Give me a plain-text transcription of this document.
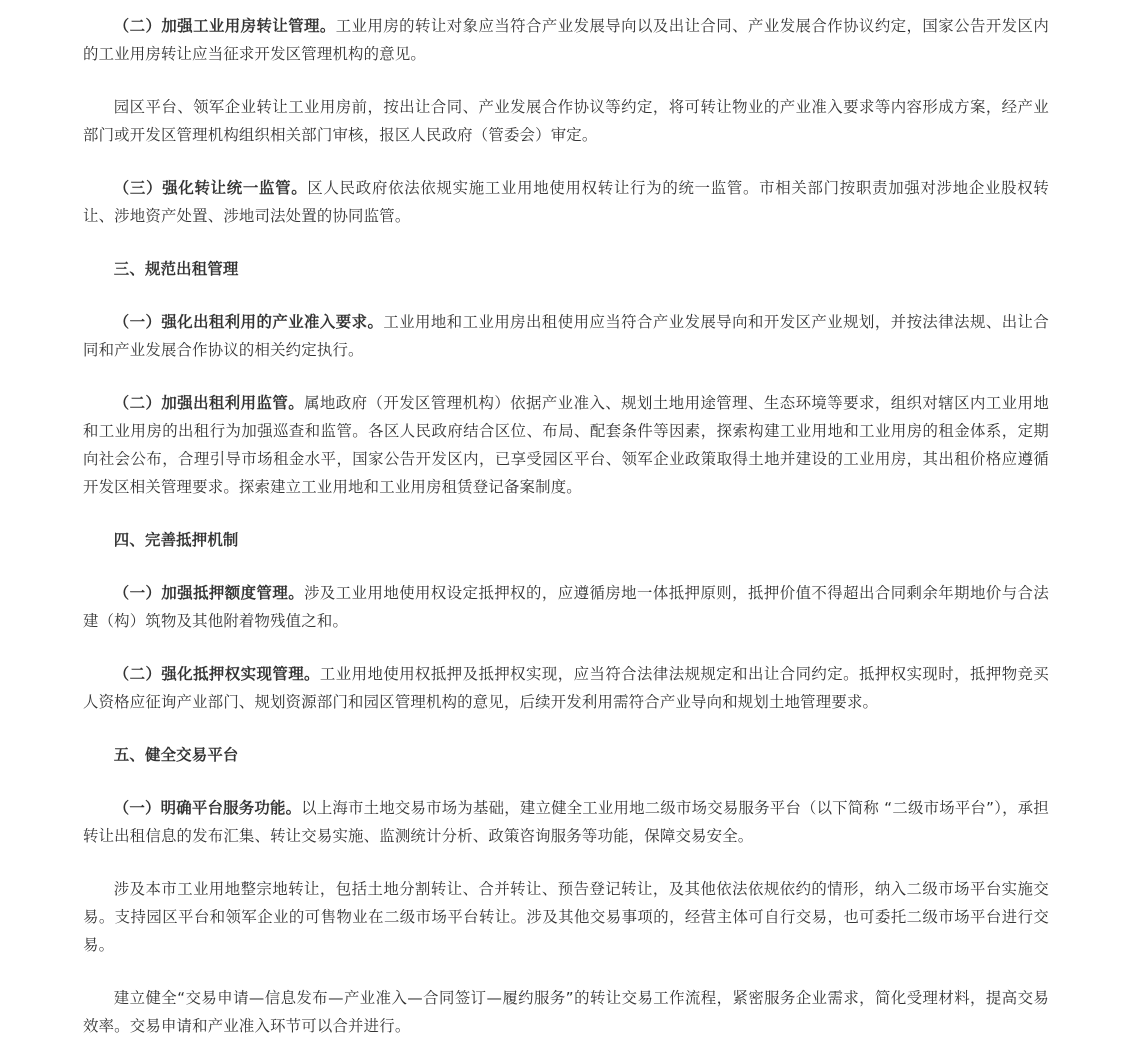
（二）加强工业用房转让管理。工业用房的转让对象应当符合产业发展导向以及出让合同、产业发展合作协议约定，国家公告开发区内的工业用房转让应当征求开发区管理机构的意见。

园区平台、领军企业转让工业用房前，按出让合同、产业发展合作协议等约定，将可转让物业的产业准入要求等内容形成方案，经产业部门或开发区管理机构组织相关部门审核，报区人民政府（管委会）审定。

（三）强化转让统一监管。区人民政府依法依规实施工业用地使用权转让行为的统一监管。市相关部门按职责加强对涉地企业股权转让、涉地资产处置、涉地司法处置的协同监管。

三、规范出租管理

（一）强化出租利用的产业准入要求。工业用地和工业用房出租使用应当符合产业发展导向和开发区产业规划，并按法律法规、出让合同和产业发展合作协议的相关约定执行。

（二）加强出租利用监管。属地政府（开发区管理机构）依据产业准入、规划土地用途管理、生态环境等要求，组织对辖区内工业用地和工业用房的出租行为加强巡查和监管。各区人民政府结合区位、布局、配套条件等因素，探索构建工业用地和工业用房的租金体系，定期向社会公布，合理引导市场租金水平，国家公告开发区内，已享受园区平台、领军企业政策取得土地并建设的工业用房，其出租价格应遵循开发区相关管理要求。探索建立工业用地和工业用房租赁登记备案制度。

四、完善抵押机制

（一）加强抵押额度管理。涉及工业用地使用权设定抵押权的，应遵循房地一体抵押原则，抵押价值不得超出合同剩余年期地价与合法建（构）筑物及其他附着物残值之和。

（二）强化抵押权实现管理。工业用地使用权抵押及抵押权实现，应当符合法律法规规定和出让合同约定。抵押权实现时，抵押物竞买人资格应征询产业部门、规划资源部门和园区管理机构的意见，后续开发利用需符合产业导向和规划土地管理要求。

五、健全交易平台

（一）明确平台服务功能。以上海市土地交易市场为基础，建立健全工业用地二级市场交易服务平台（以下简称 “二级市场平台”），承担转让出租信息的发布汇集、转让交易实施、监测统计分析、政策咨询服务等功能，保障交易安全。

涉及本市工业用地整宗地转让，包括土地分割转让、合并转让、预告登记转让，及其他依法依规依约的情形，纳入二级市场平台实施交易。支持园区平台和领军企业的可售物业在二级市场平台转让。涉及其他交易事项的，经营主体可自行交易，也可委托二级市场平台进行交易。

建立健全“交易申请—信息发布—产业准入—合同签订—履约服务”的转让交易工作流程，紧密服务企业需求，简化受理材料，提高交易效率。交易申请和产业准入环节可以合并进行。
